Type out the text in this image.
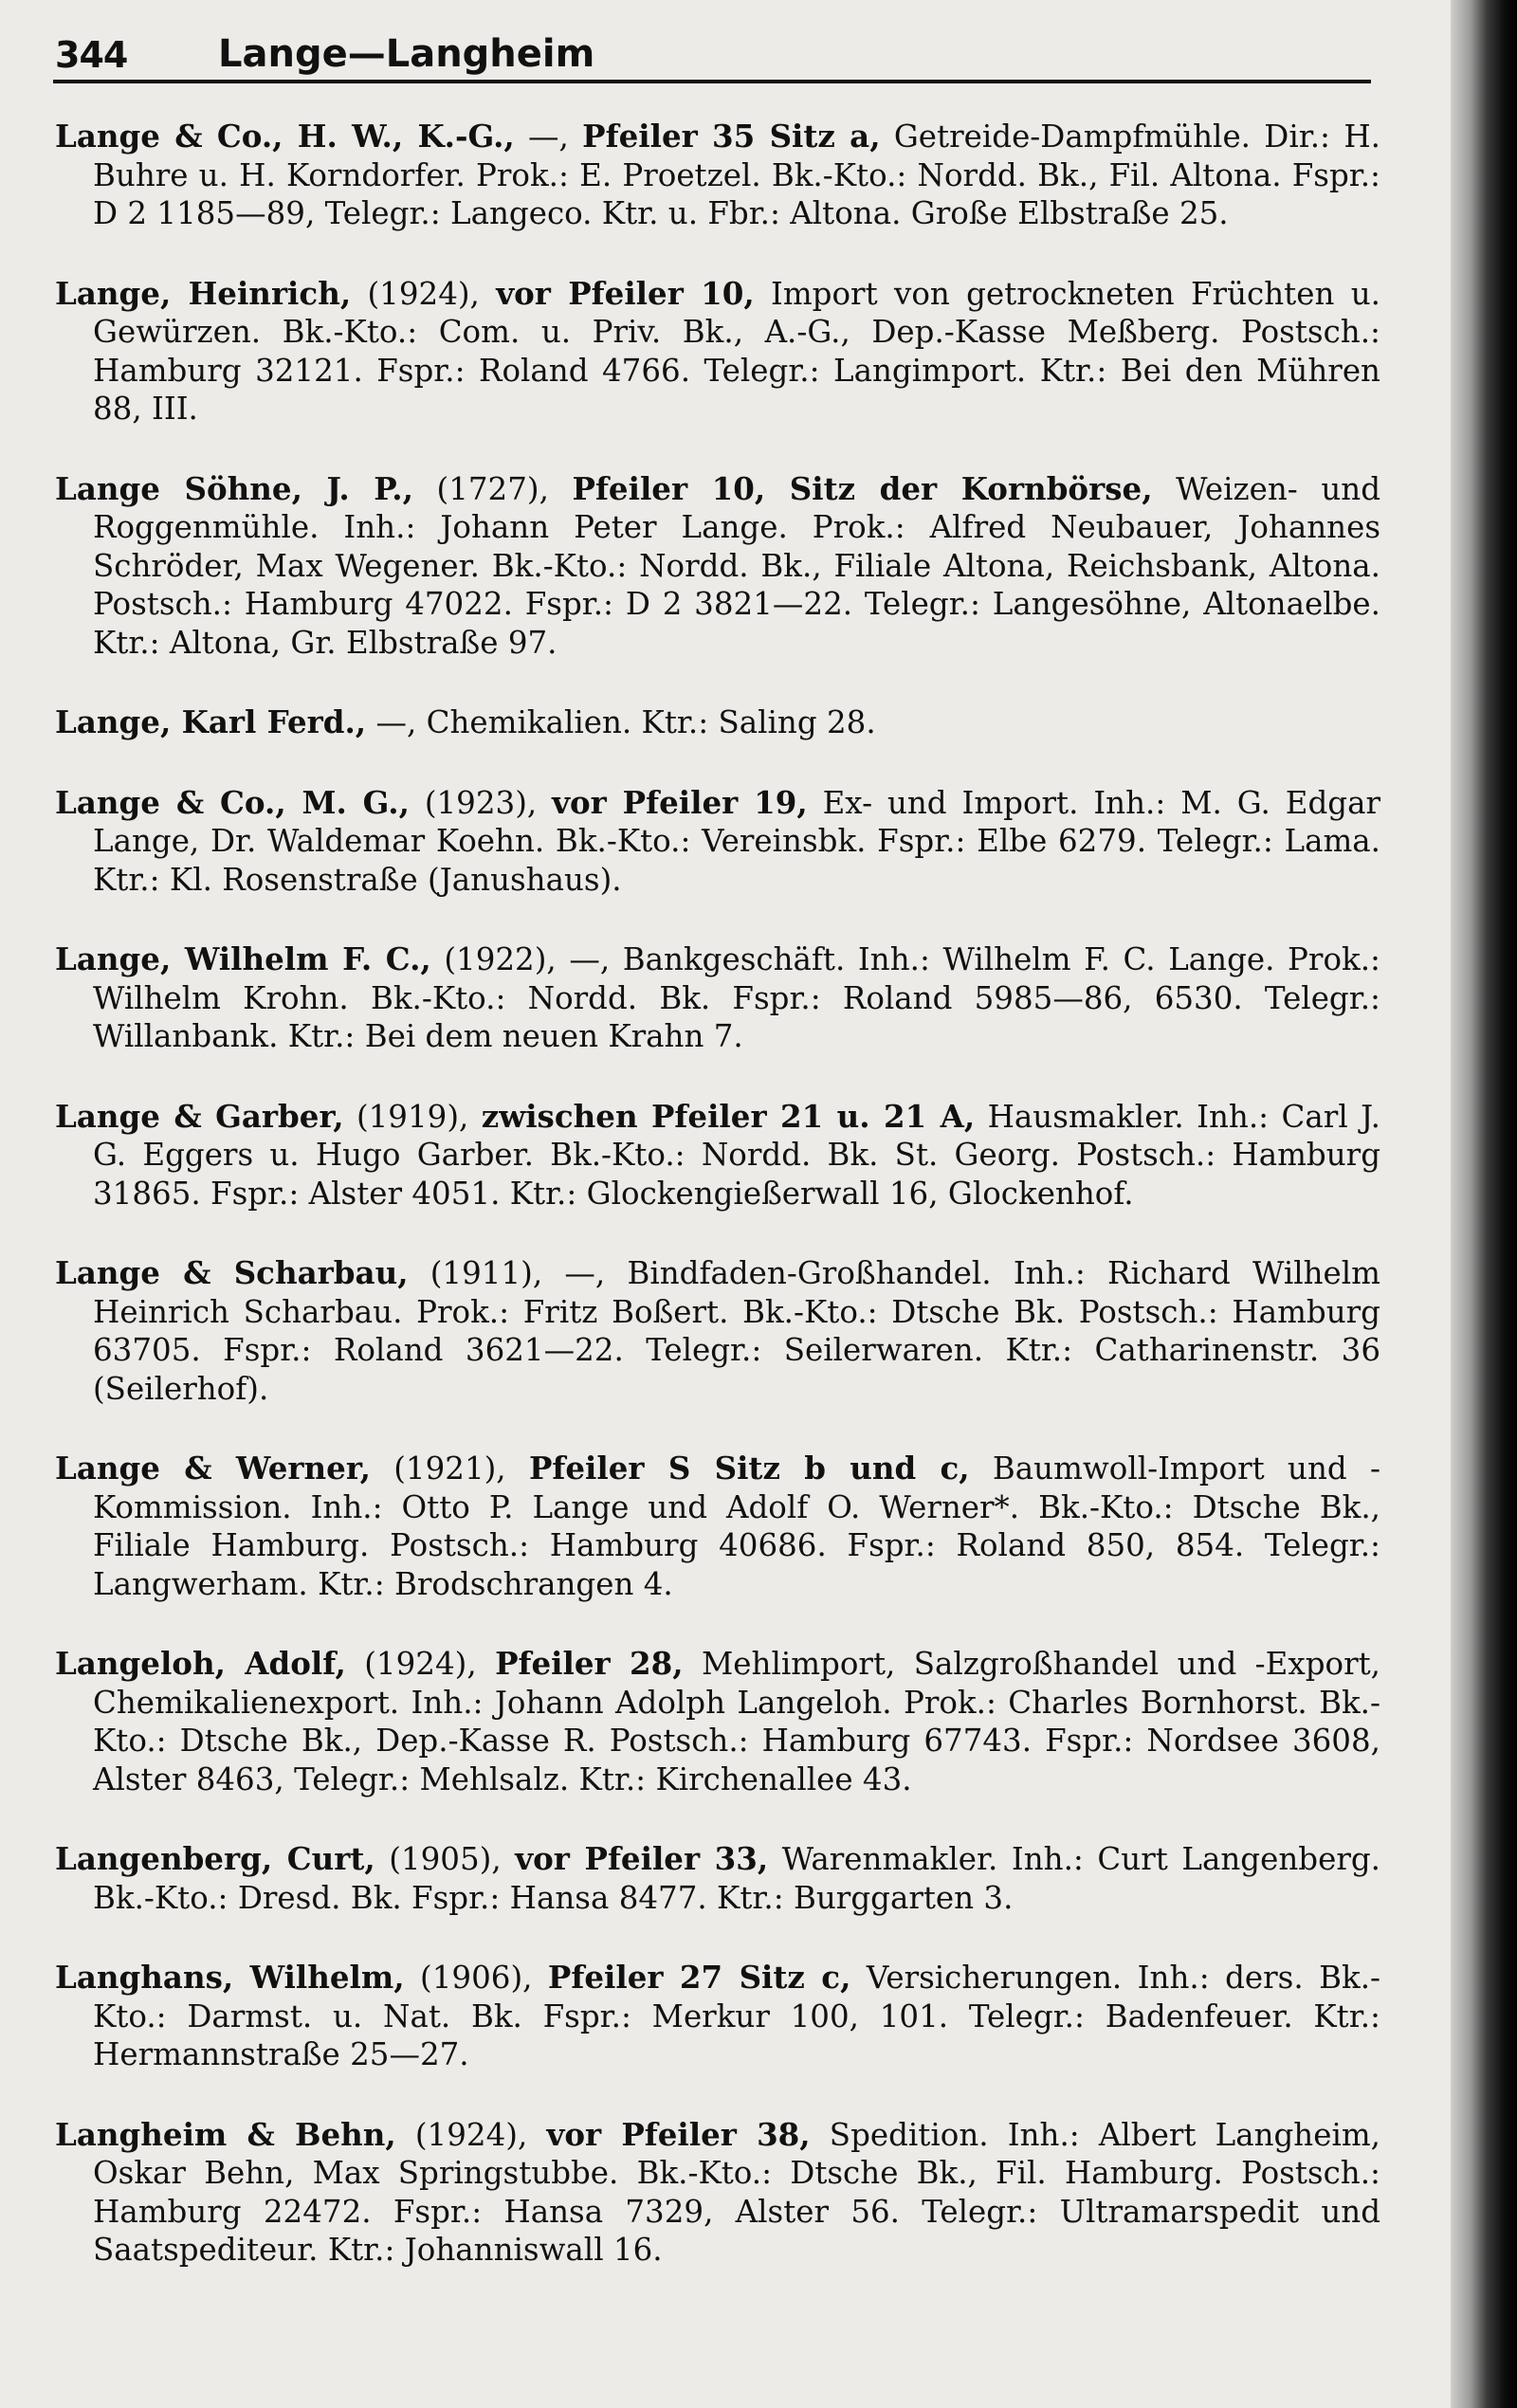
344 Lange—Langheim

Lange & Co., H. W., K.-G., —, Pfeiler 35 Sitz a, Getreide-Dampfmühle. Dir.: H. Buhre u. H. Korndorfer. Prok.: E. Proetzel. Bk.-Kto.: Nordd. Bk., Fil. Altona. Fspr.: D 2 1185—89, Telegr.: Langeco. Ktr. u. Fbr.: Altona. Große Elbstraße 25.

Lange, Heinrich, (1924), vor Pfeiler 10, Import von getrockneten Früchten u. Gewürzen. Bk.-Kto.: Com. u. Priv. Bk., A.-G., Dep.-Kasse Meßberg. Postsch.: Hamburg 32121. Fspr.: Roland 4766. Telegr.: Langimport. Ktr.: Bei den Mühren 88, III.

Lange Söhne, J. P., (1727), Pfeiler 10, Sitz der Kornbörse, Weizen- und Roggenmühle. Inh.: Johann Peter Lange. Prok.: Alfred Neubauer, Johannes Schröder, Max Wegener. Bk.-Kto.: Nordd. Bk., Filiale Altona, Reichsbank, Altona. Postsch.: Hamburg 47022. Fspr.: D 2 3821—22. Telegr.: Langesöhne, Altonaelbe. Ktr.: Altona, Gr. Elbstraße 97.

Lange, Karl Ferd., —, Chemikalien. Ktr.: Saling 28.

Lange & Co., M. G., (1923), vor Pfeiler 19, Ex- und Import. Inh.: M. G. Edgar Lange, Dr. Waldemar Koehn. Bk.-Kto.: Vereinsbk. Fspr.: Elbe 6279. Telegr.: Lama. Ktr.: Kl. Rosenstraße (Janushaus).

Lange, Wilhelm F. C., (1922), —, Bankgeschäft. Inh.: Wilhelm F. C. Lange. Prok.: Wilhelm Krohn. Bk.-Kto.: Nordd. Bk. Fspr.: Roland 5985—86, 6530. Telegr.: Willanbank. Ktr.: Bei dem neuen Krahn 7.

Lange & Garber, (1919), zwischen Pfeiler 21 u. 21 A, Hausmakler. Inh.: Carl J. G. Eggers u. Hugo Garber. Bk.-Kto.: Nordd. Bk. St. Georg. Postsch.: Hamburg 31865. Fspr.: Alster 4051. Ktr.: Glockengießerwall 16, Glockenhof.

Lange & Scharbau, (1911), —, Bindfaden-Großhandel. Inh.: Richard Wilhelm Heinrich Scharbau. Prok.: Fritz Boßert. Bk.-Kto.: Dtsche Bk. Postsch.: Hamburg 63705. Fspr.: Roland 3621—22. Telegr.: Seilerwaren. Ktr.: Catharinenstr. 36 (Seilerhof).

Lange & Werner, (1921), Pfeiler S Sitz b und c, Baumwoll-Import und -Kommission. Inh.: Otto P. Lange und Adolf O. Werner*. Bk.-Kto.: Dtsche Bk., Filiale Hamburg. Postsch.: Hamburg 40686. Fspr.: Roland 850, 854. Telegr.: Langwerham. Ktr.: Brodschrangen 4.

Langeloh, Adolf, (1924), Pfeiler 28, Mehlimport, Salzgroßhandel und -Export, Chemikalienexport. Inh.: Johann Adolph Langeloh. Prok.: Charles Bornhorst. Bk.-Kto.: Dtsche Bk., Dep.-Kasse R. Postsch.: Hamburg 67743. Fspr.: Nordsee 3608, Alster 8463, Telegr.: Mehlsalz. Ktr.: Kirchenallee 43.

Langenberg, Curt, (1905), vor Pfeiler 33, Warenmakler. Inh.: Curt Langenberg. Bk.-Kto.: Dresd. Bk. Fspr.: Hansa 8477. Ktr.: Burggarten 3.

Langhans, Wilhelm, (1906), Pfeiler 27 Sitz c, Versicherungen. Inh.: ders. Bk.-Kto.: Darmst. u. Nat. Bk. Fspr.: Merkur 100, 101. Telegr.: Badenfeuer. Ktr.: Hermannstraße 25—27.

Langheim & Behn, (1924), vor Pfeiler 38, Spedition. Inh.: Albert Langheim, Oskar Behn, Max Springstubbe. Bk.-Kto.: Dtsche Bk., Fil. Hamburg. Postsch.: Hamburg 22472. Fspr.: Hansa 7329, Alster 56. Telegr.: Ultramarspedit und Saatspediteur. Ktr.: Johanniswall 16.
